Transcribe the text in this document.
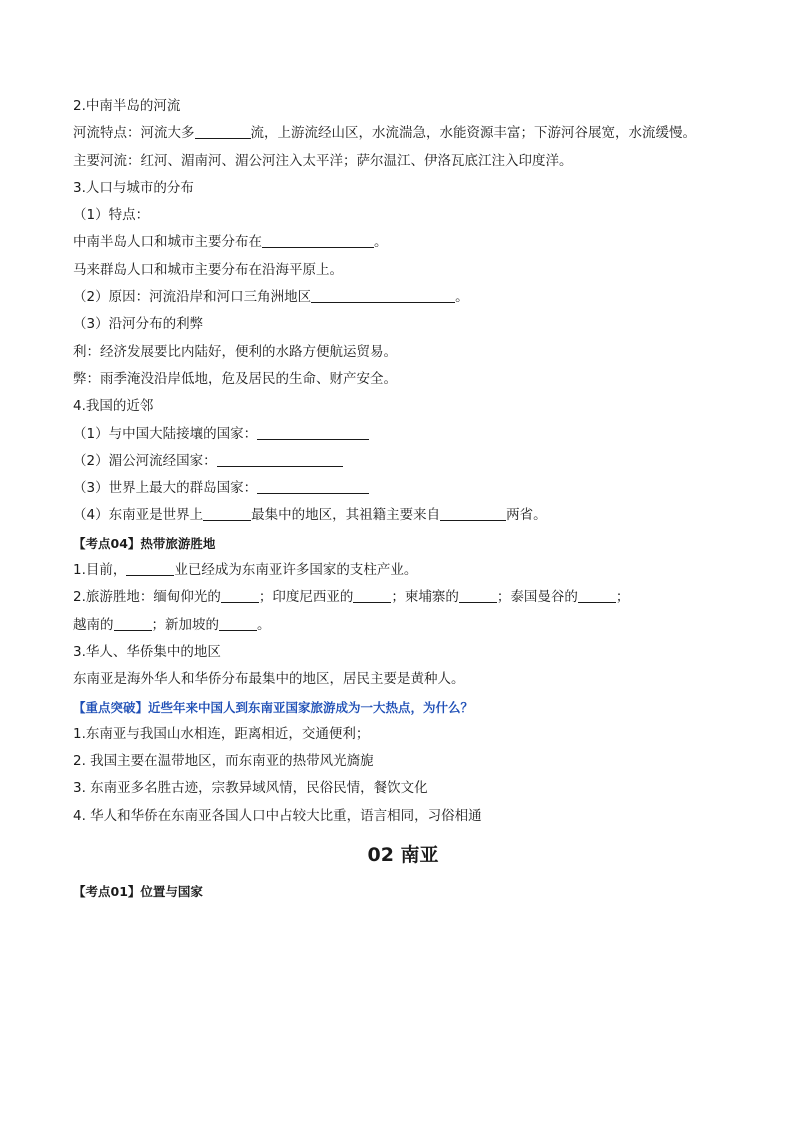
2.中南半岛的河流
河流特点：河流大多	流，上游流经山区，水流湍急，水能资源丰富；下游河谷展宽，水流缓慢。
主要河流：红河、湄南河、湄公河注入太平洋；萨尔温江、伊洛瓦底江注入印度洋。
3.人口与城市的分布
（1）特点：
中南半岛人口和城市主要分布在	。
马来群岛人口和城市主要分布在沿海平原上。
（2）原因：河流沿岸和河口三角洲地区	。
（3）沿河分布的利弊
利：经济发展要比内陆好，便利的水路方便航运贸易。
弊：雨季淹没沿岸低地，危及居民的生命、财产安全。
4.我国的近邻
（1）与中国大陆接壤的国家：
（2）湄公河流经国家：
（3）世界上最大的群岛国家：
（4）东南亚是世界上	最集中的地区，其祖籍主要来自	两省。
【考点04】热带旅游胜地
1.目前，	业已经成为东南亚许多国家的支柱产业。
2.旅游胜地：缅甸仰光的	；印度尼西亚的	；柬埔寨的	；泰国曼谷的	；
越南的	；新加坡的	。
3.华人、华侨集中的地区
东南亚是海外华人和华侨分布最集中的地区，居民主要是黄种人。
【重点突破】近些年来中国人到东南亚国家旅游成为一大热点，为什么？
1.东南亚与我国山水相连，距离相近，交通便利；
2. 我国主要在温带地区，而东南亚的热带风光旖旎
3. 东南亚多名胜古迹，宗教异域风情，民俗民情，餐饮文化
4. 华人和华侨在东南亚各国人口中占较大比重，语言相同，习俗相通
02 南亚
【考点01】位置与国家
